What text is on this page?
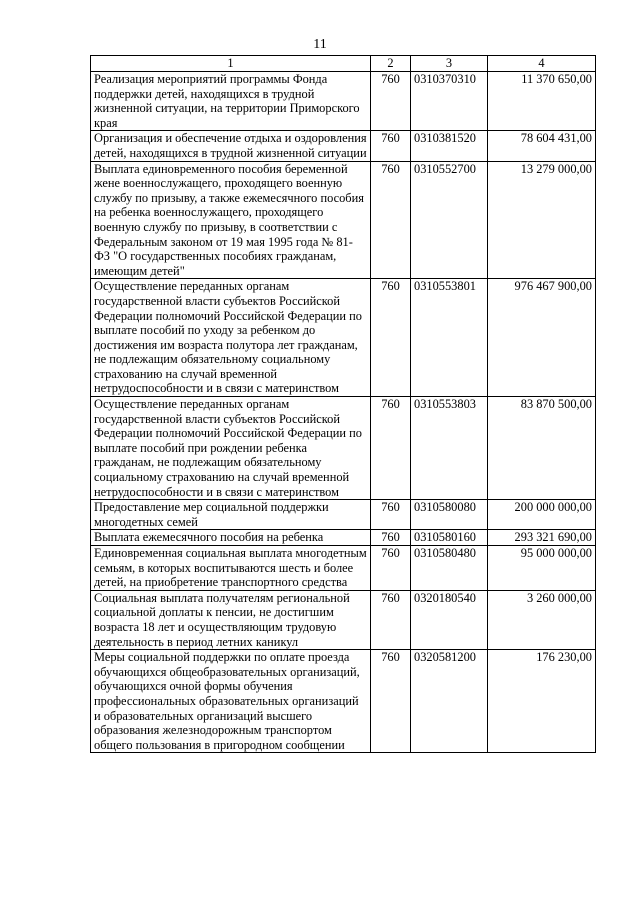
11
1	2	3	4
Реализация мероприятий программы Фонда поддержки детей, находящихся в трудной жизненной ситуации, на территории Приморского края	760	0310370310	11 370 650,00
Организация и обеспечение отдыха и оздоровления детей, находящихся в трудной жизненной ситуации	760	0310381520	78 604 431,00
Выплата единовременного пособия беременной жене военнослужащего, проходящего военную службу по призыву, а также ежемесячного пособия на ребенка военнослужащего, проходящего военную службу по призыву, в соответствии с Федеральным законом от 19 мая 1995 года № 81-ФЗ "О государственных пособиях гражданам, имеющим детей"	760	0310552700	13 279 000,00
Осуществление переданных органам государственной власти субъектов Российской Федерации полномочий Российской Федерации по выплате пособий по уходу за ребенком до достижения им возраста полутора лет гражданам, не подлежащим обязательному социальному страхованию на случай временной нетрудоспособности и в связи с материнством	760	0310553801	976 467 900,00
Осуществление переданных органам государственной власти субъектов Российской Федерации полномочий Российской Федерации по выплате пособий при рождении ребенка гражданам, не подлежащим обязательному социальному страхованию на случай временной нетрудоспособности и в связи с материнством	760	0310553803	83 870 500,00
Предоставление мер социальной поддержки многодетных семей	760	0310580080	200 000 000,00
Выплата ежемесячного пособия на ребенка	760	0310580160	293 321 690,00
Единовременная социальная выплата многодетным семьям, в которых воспитываются шесть и более детей, на приобретение транспортного средства	760	0310580480	95 000 000,00
Социальная выплата получателям региональной социальной доплаты к пенсии, не достигшим возраста 18 лет и осуществляющим трудовую деятельность в период летних каникул	760	0320180540	3 260 000,00
Меры социальной поддержки по оплате проезда обучающихся общеобразовательных организаций, обучающихся очной формы обучения профессиональных образовательных организаций и образовательных организаций высшего образования железнодорожным транспортом общего пользования в пригородном сообщении	760	0320581200	176 230,00
